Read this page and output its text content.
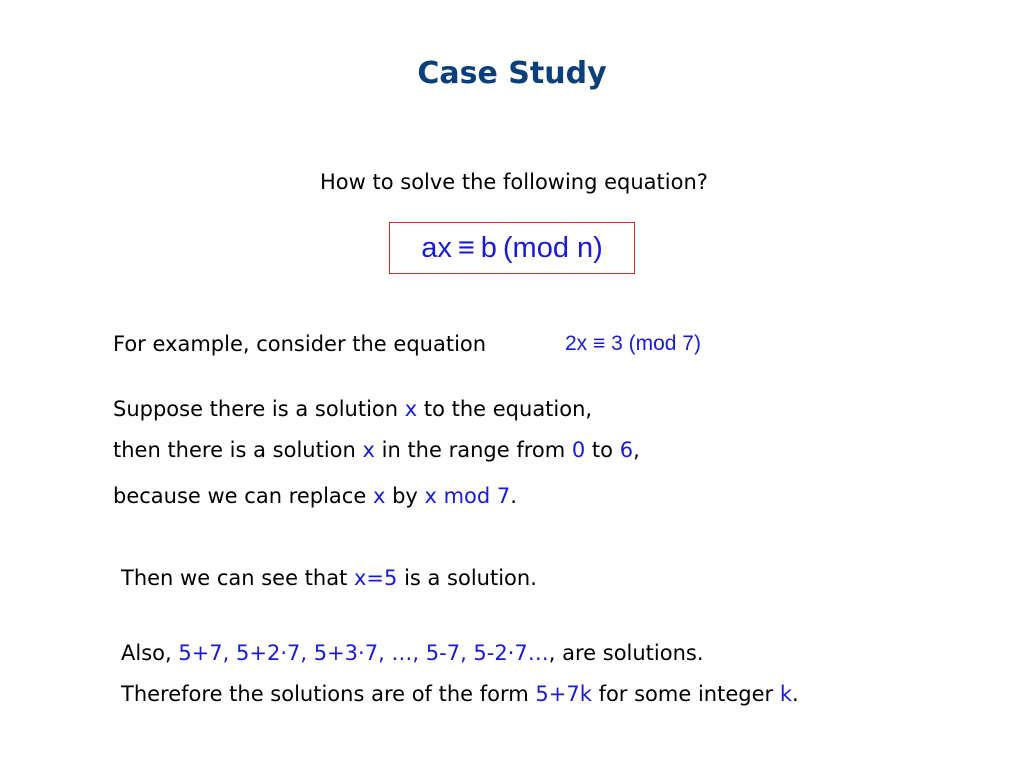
Case Study
How to solve the following equation?
ax ≡ b (mod n)
For example, consider the equation	2x ≡ 3 (mod 7)
Suppose there is a solution x to the equation,
then there is a solution x in the range from 0 to 6,
because we can replace x by x mod 7.
Then we can see that x=5 is a solution.
Also, 5+7, 5+2·7, 5+3·7, …, 5-7, 5-2·7…, are solutions.
Therefore the solutions are of the form 5+7k for some integer k.
